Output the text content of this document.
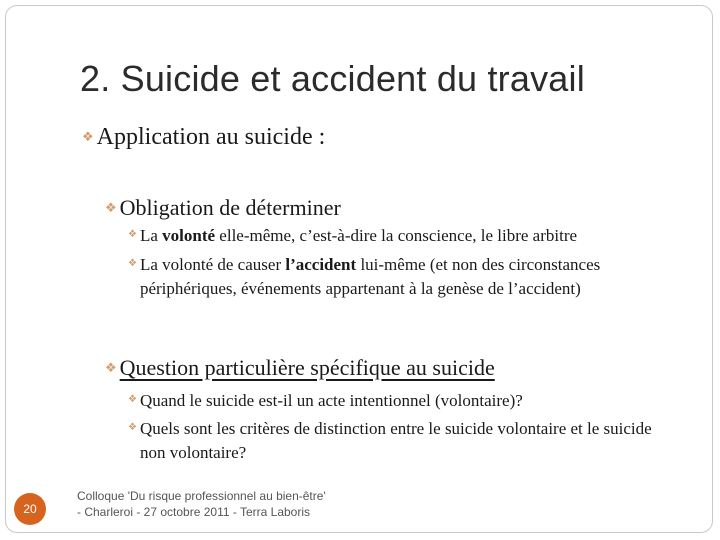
2. Suicide et accident du travail
❖ Application au suicide :
❖ Obligation de déterminer
❖ La volonté elle-même, c’est-à-dire la conscience, le libre arbitre
❖ La volonté de causer l’accident lui-même (et non des circonstances périphériques, événements appartenant à la genèse de l’accident)
❖ Question particulière spécifique au suicide
❖ Quand le suicide est-il un acte intentionnel (volontaire)?
❖ Quels sont les critères de distinction entre le suicide volontaire et le suicide non volontaire?
20
Colloque 'Du risque professionnel au bien-être'
- Charleroi - 27 octobre 2011 - Terra Laboris
